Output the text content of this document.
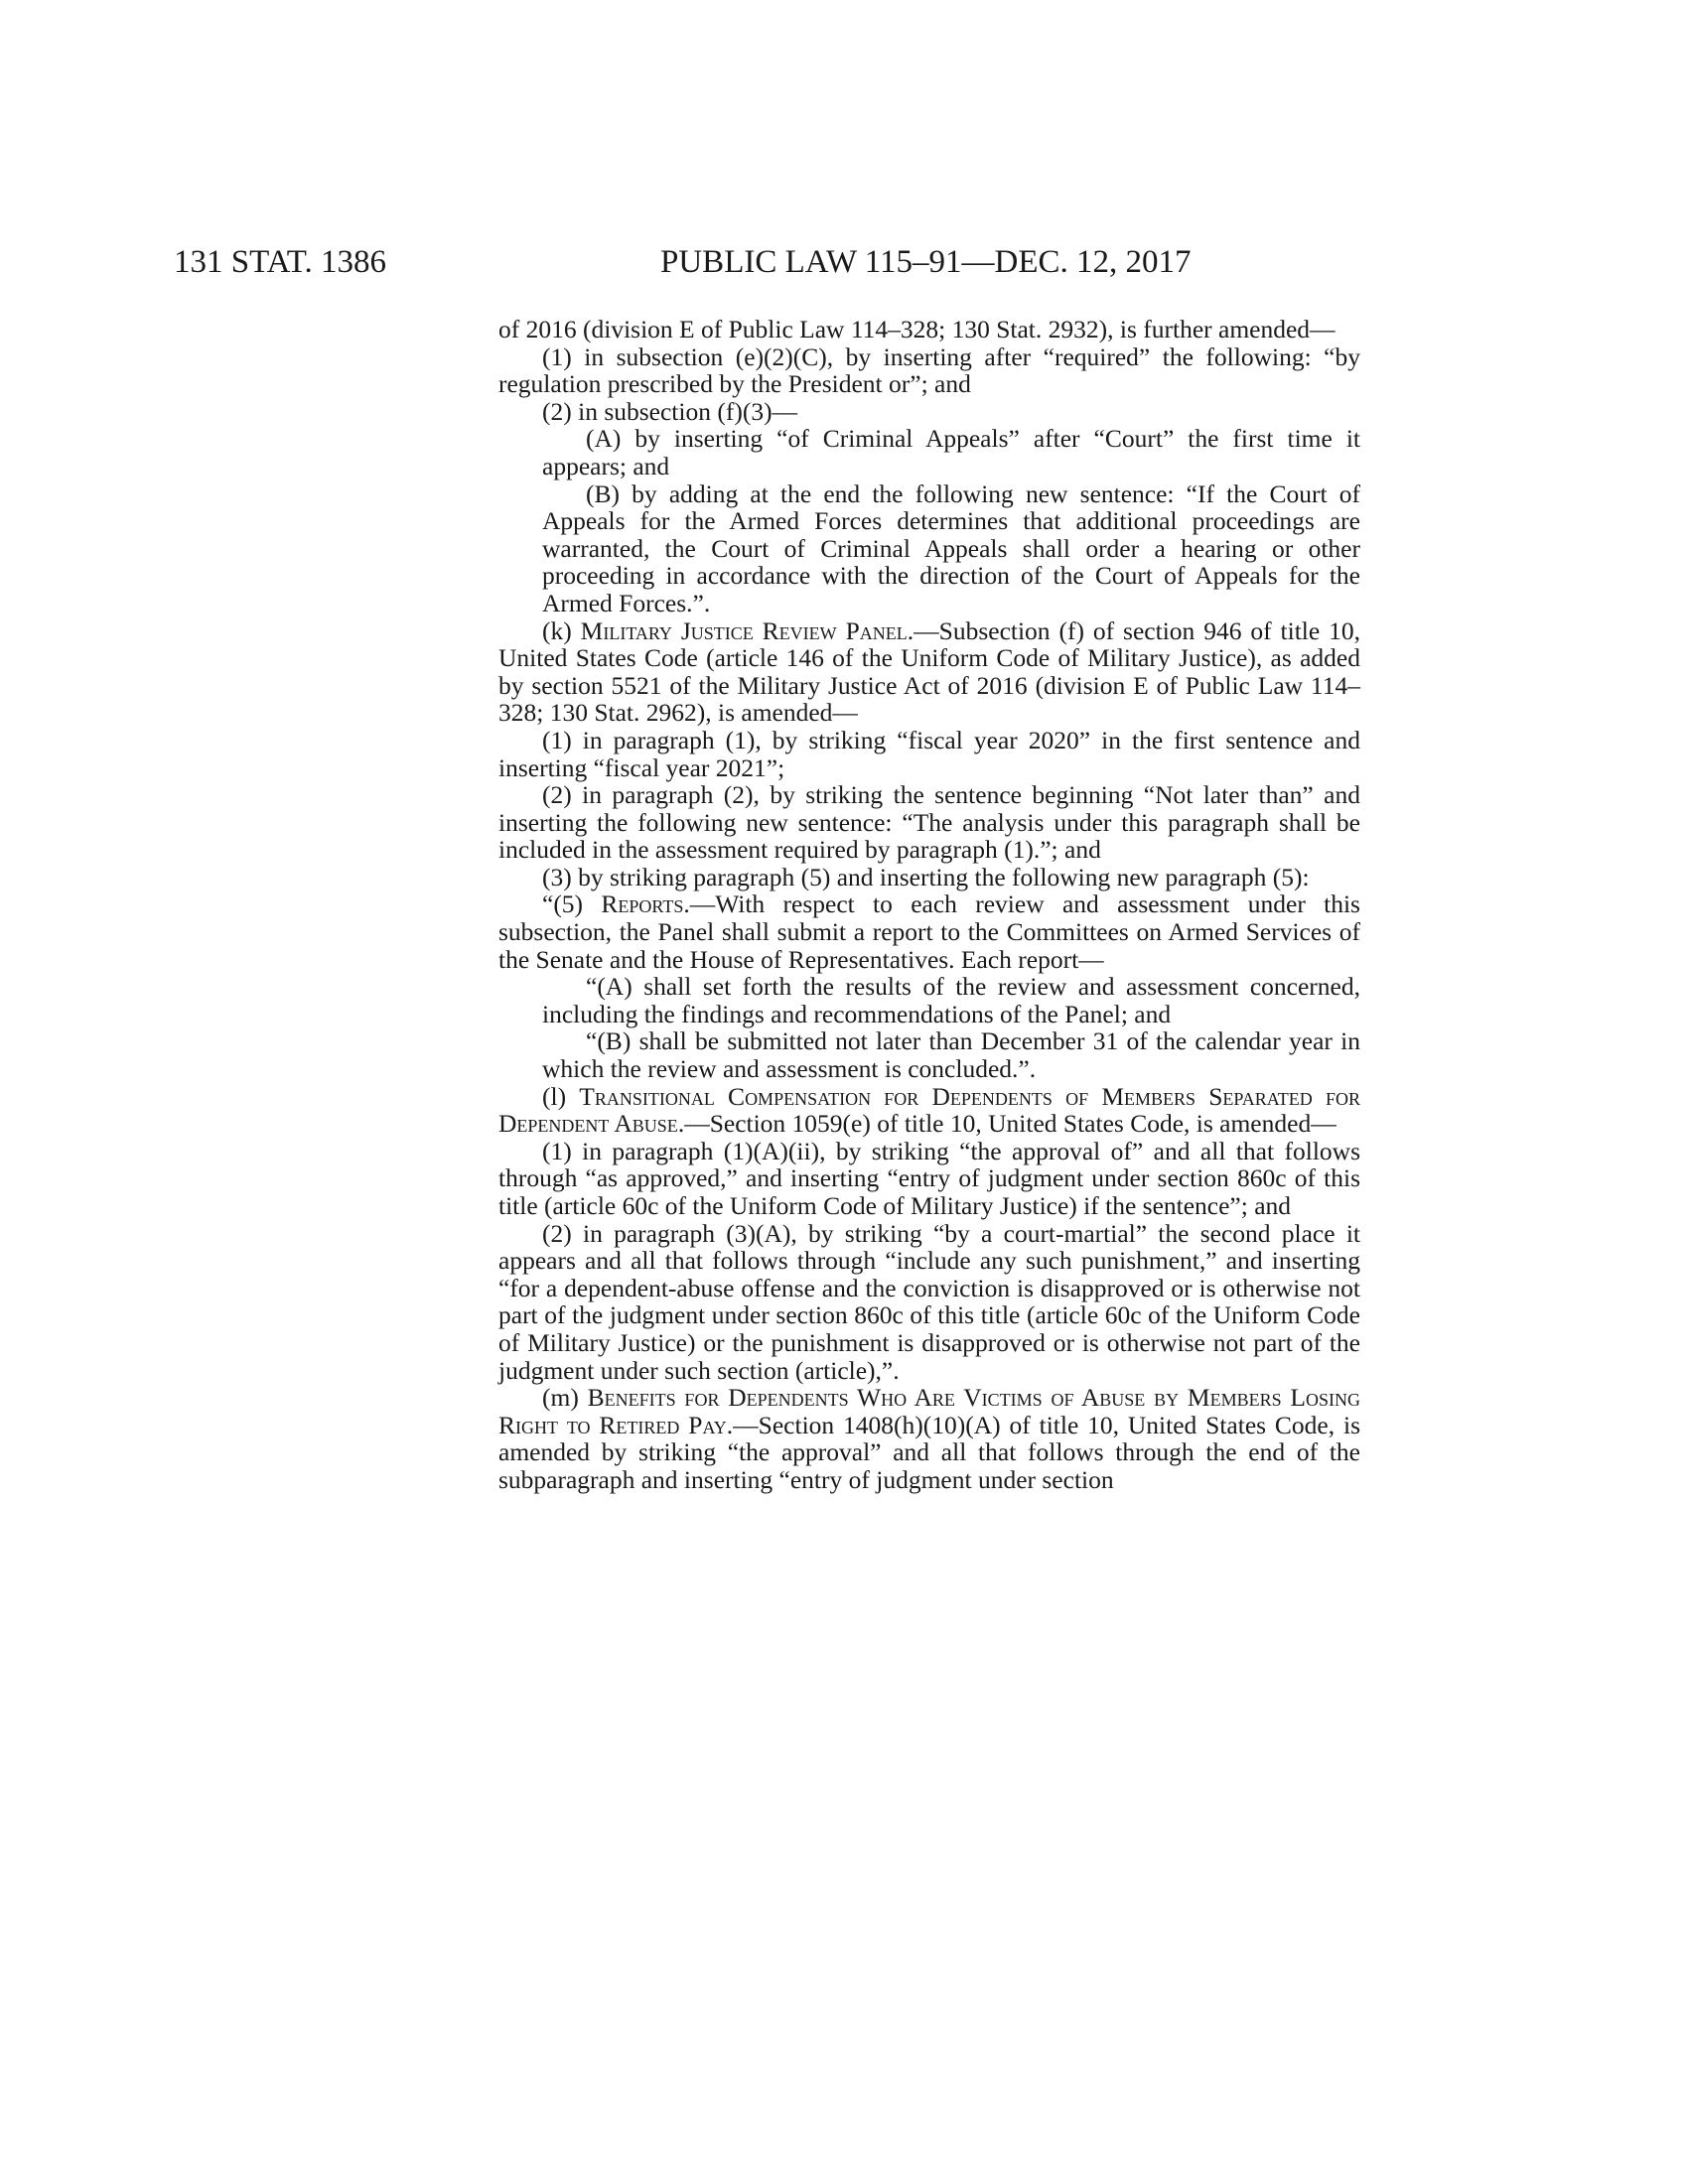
131 STAT. 1386	PUBLIC LAW 115–91—DEC. 12, 2017

of 2016 (division E of Public Law 114–328; 130 Stat. 2932), is further amended—

(1) in subsection (e)(2)(C), by inserting after “required” the following: “by regulation prescribed by the President or”; and

(2) in subsection (f)(3)—

(A) by inserting “of Criminal Appeals” after “Court” the first time it appears; and

(B) by adding at the end the following new sentence: “If the Court of Appeals for the Armed Forces determines that additional proceedings are warranted, the Court of Criminal Appeals shall order a hearing or other proceeding in accordance with the direction of the Court of Appeals for the Armed Forces.”.

(k) Military Justice Review Panel.—Subsection (f) of section 946 of title 10, United States Code (article 146 of the Uniform Code of Military Justice), as added by section 5521 of the Military Justice Act of 2016 (division E of Public Law 114–328; 130 Stat. 2962), is amended—

(1) in paragraph (1), by striking “fiscal year 2020” in the first sentence and inserting “fiscal year 2021”;

(2) in paragraph (2), by striking the sentence beginning “Not later than” and inserting the following new sentence: “The analysis under this paragraph shall be included in the assessment required by paragraph (1).”; and

(3) by striking paragraph (5) and inserting the following new paragraph (5):

“(5) Reports.—With respect to each review and assessment under this subsection, the Panel shall submit a report to the Committees on Armed Services of the Senate and the House of Representatives. Each report—

“(A) shall set forth the results of the review and assessment concerned, including the findings and recommendations of the Panel; and

“(B) shall be submitted not later than December 31 of the calendar year in which the review and assessment is concluded.”.

(l) Transitional Compensation for Dependents of Members Separated for Dependent Abuse.—Section 1059(e) of title 10, United States Code, is amended—

(1) in paragraph (1)(A)(ii), by striking “the approval of” and all that follows through “as approved,” and inserting “entry of judgment under section 860c of this title (article 60c of the Uniform Code of Military Justice) if the sentence”; and

(2) in paragraph (3)(A), by striking “by a court-martial” the second place it appears and all that follows through “include any such punishment,” and inserting “for a dependent-abuse offense and the conviction is disapproved or is otherwise not part of the judgment under section 860c of this title (article 60c of the Uniform Code of Military Justice) or the punishment is disapproved or is otherwise not part of the judgment under such section (article),”.

(m) Benefits for Dependents Who Are Victims of Abuse by Members Losing Right to Retired Pay.—Section 1408(h)(10)(A) of title 10, United States Code, is amended by striking “the approval” and all that follows through the end of the subparagraph and inserting “entry of judgment under section
